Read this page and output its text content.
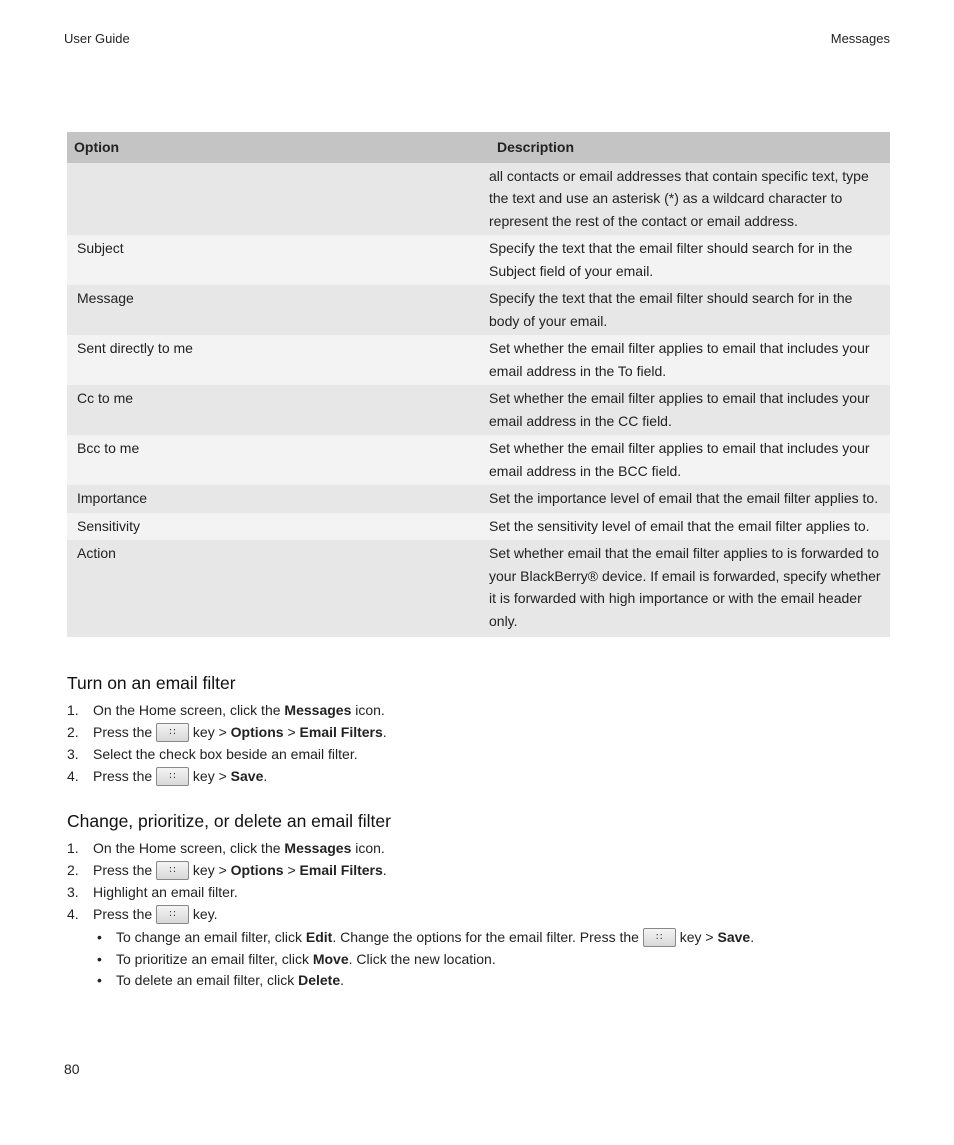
User Guide	Messages
Option	Description
	all contacts or email addresses that contain specific text, type the text and use an asterisk (*) as a wildcard character to represent the rest of the contact or email address.
Subject	Specify the text that the email filter should search for in the Subject field of your email.
Message	Specify the text that the email filter should search for in the body of your email.
Sent directly to me	Set whether the email filter applies to email that includes your email address in the To field.
Cc to me	Set whether the email filter applies to email that includes your email address in the CC field.
Bcc to me	Set whether the email filter applies to email that includes your email address in the BCC field.
Importance	Set the importance level of email that the email filter applies to.
Sensitivity	Set the sensitivity level of email that the email filter applies to.
Action	Set whether email that the email filter applies to is forwarded to your BlackBerry® device. If email is forwarded, specify whether it is forwarded with high importance or with the email header only.
Turn on an email filter
1. On the Home screen, click the Messages icon.
2. Press the ∷ key > Options > Email Filters.
3. Select the check box beside an email filter.
4. Press the ∷ key > Save.
Change, prioritize, or delete an email filter
1. On the Home screen, click the Messages icon.
2. Press the ∷ key > Options > Email Filters.
3. Highlight an email filter.
4. Press the ∷ key.
• To change an email filter, click Edit. Change the options for the email filter. Press the ∷ key > Save.
• To prioritize an email filter, click Move. Click the new location.
• To delete an email filter, click Delete.
80
